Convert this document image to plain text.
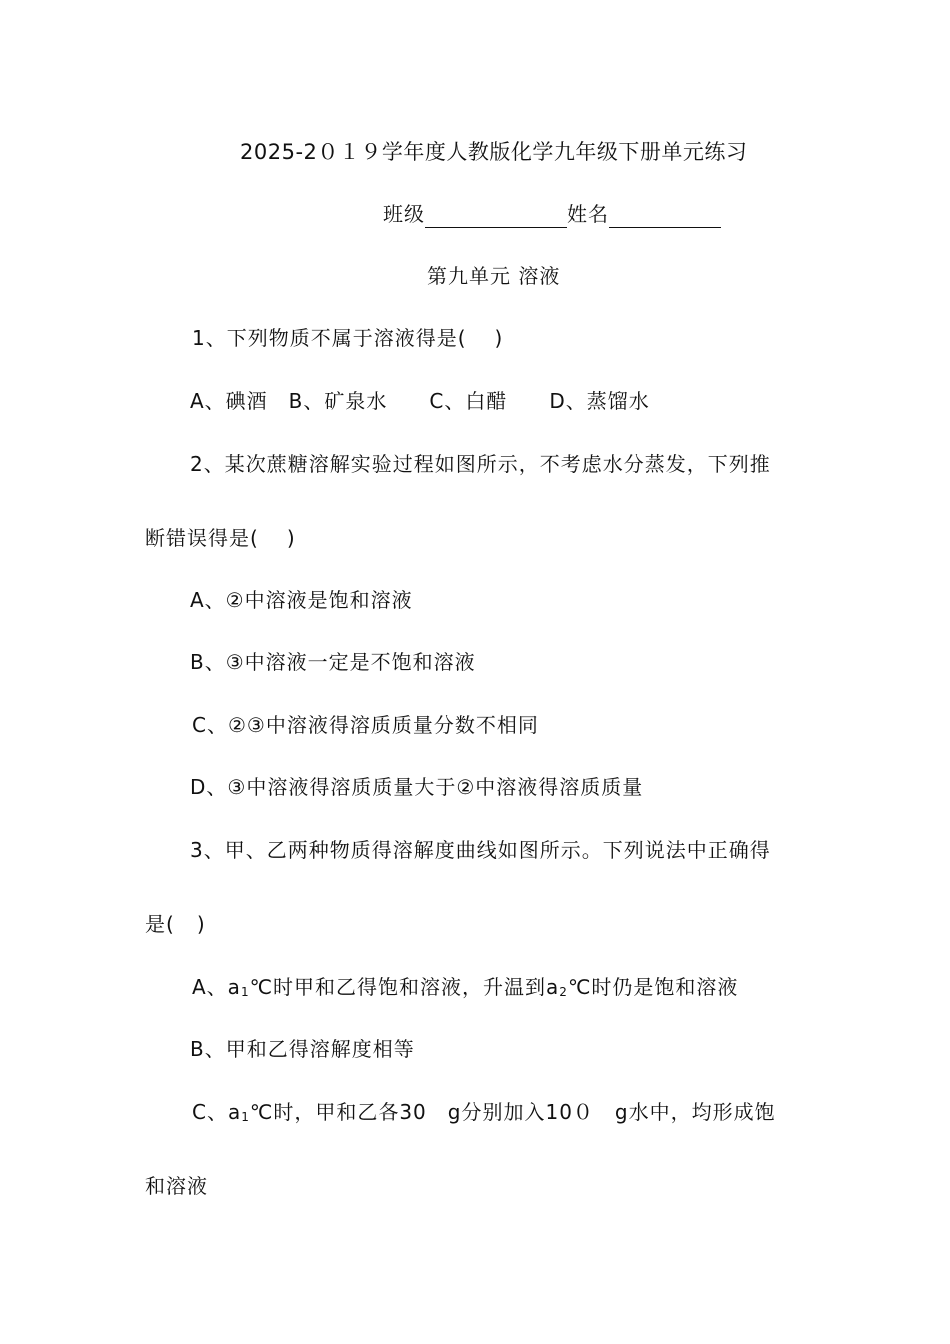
2025-2０１９学年度人教版化学九年级下册单元练习
班级	姓名
第九单元 溶液
1、下列物质不属于溶液得是( )
A、碘酒　B、矿泉水　　C、白醋　　D、蒸馏水
2、某次蔗糖溶解实验过程如图所示，不考虑水分蒸发，下列推
断错误得是( )
A、②中溶液是饱和溶液
B、③中溶液一定是不饱和溶液
C、②③中溶液得溶质质量分数不相同
D、③中溶液得溶质质量大于②中溶液得溶质质量
3、甲、乙两种物质得溶解度曲线如图所示。下列说法中正确得
是( )
A、$a_1℃$时甲和乙得饱和溶液，升温到$a_2℃$时仍是饱和溶液
B、甲和乙得溶解度相等
C、$a_1℃$时，甲和乙各30　g分别加入10０　g水中，均形成饱
和溶液
